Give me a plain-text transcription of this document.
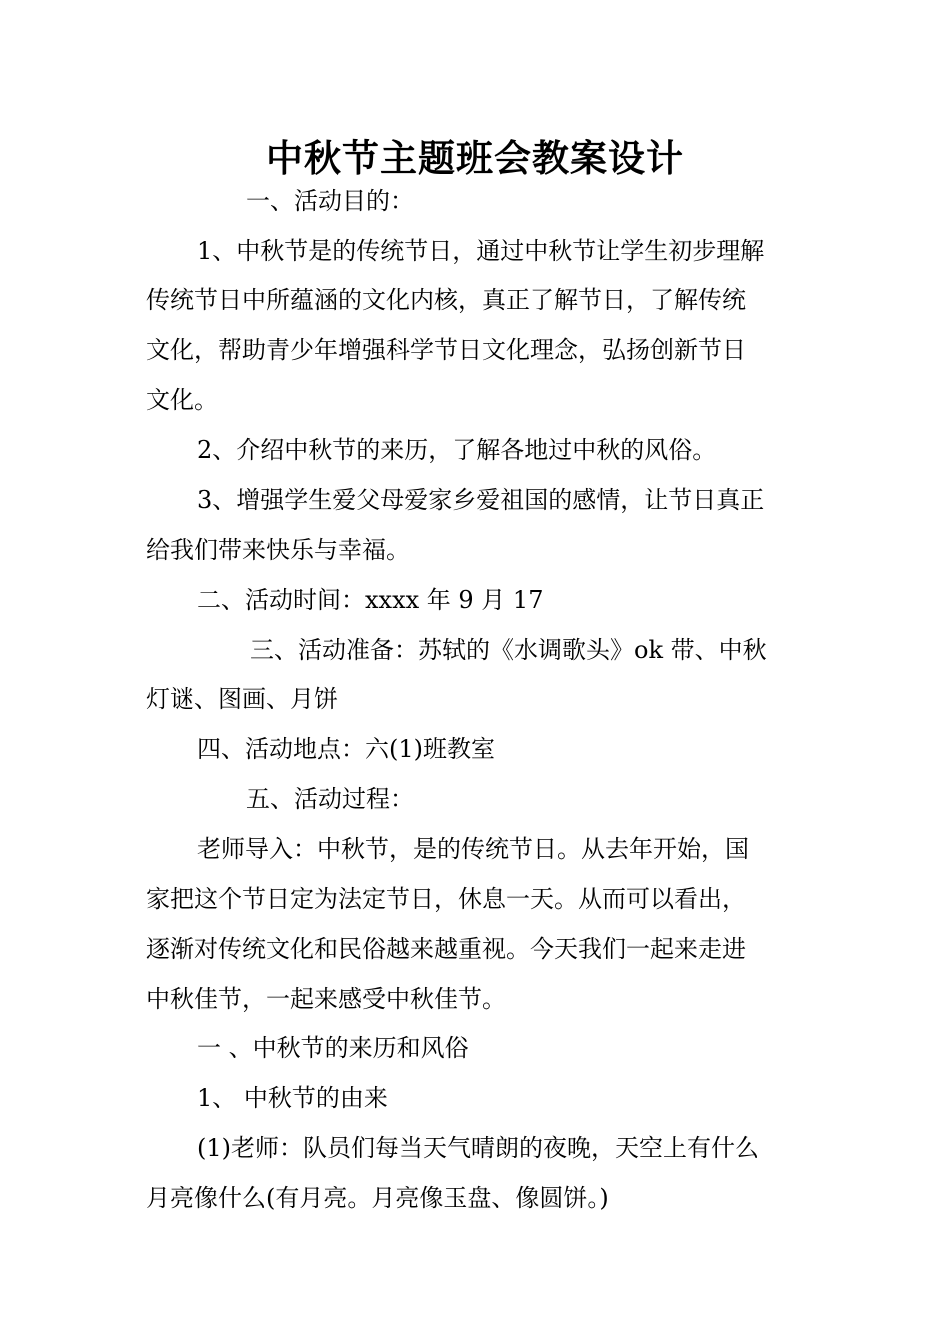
中秋节主题班会教案设计
一、活动目的：
1、中秋节是的传统节日，通过中秋节让学生初步理解
传统节日中所蕴涵的文化内核，真正了解节日，了解传统
文化，帮助青少年增强科学节日文化理念，弘扬创新节日
文化。
2、介绍中秋节的来历，了解各地过中秋的风俗。
3、增强学生爱父母爱家乡爱祖国的感情，让节日真正
给我们带来快乐与幸福。
二、活动时间：xxxx 年 9 月 17
三、活动准备：苏轼的《水调歌头》ok 带、中秋
灯谜、图画、月饼
四、活动地点：六(1)班教室
五、活动过程：
老师导入：中秋节，是的传统节日。从去年开始，国
家把这个节日定为法定节日，休息一天。从而可以看出，
逐渐对传统文化和民俗越来越重视。今天我们一起来走进
中秋佳节，一起来感受中秋佳节。
一 、中秋节的来历和风俗
1、 中秋节的由来
(1)老师：队员们每当天气晴朗的夜晚，天空上有什么
月亮像什么(有月亮。月亮像玉盘、像圆饼。)
